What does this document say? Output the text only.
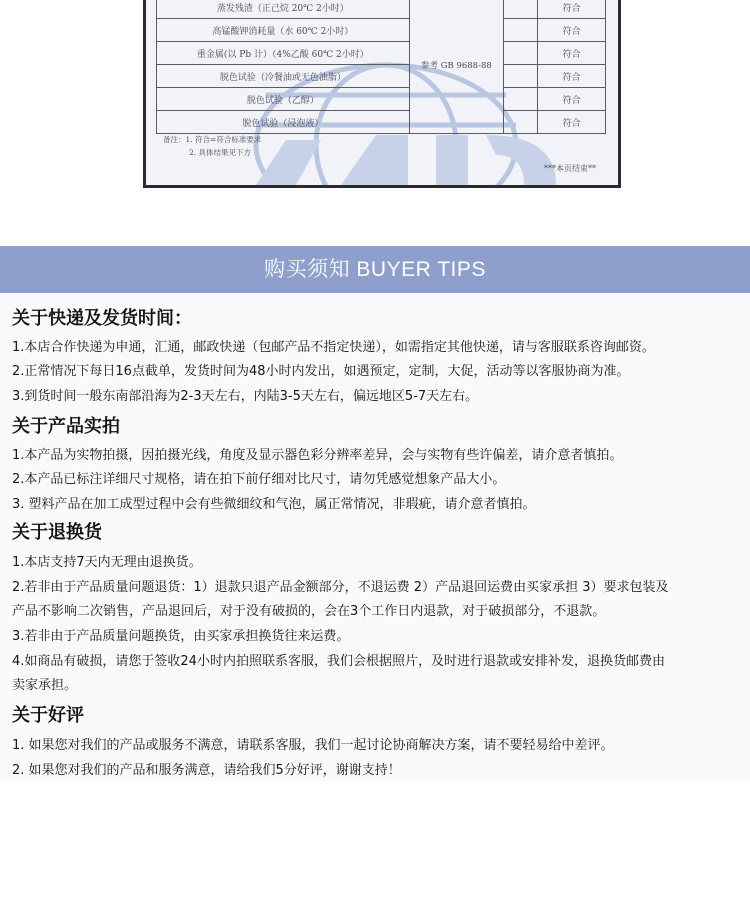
蒸发残渣（正己烷 20℃ 2小时）	参考 GB 9688-88		符合
高锰酸钾消耗量（水 60℃ 2小时）			符合
重金属(以 Pb 计）（4%乙酸 60℃ 2小时）			符合
脱色试验（冷餐油或无色油脂）			符合
脱色试验（乙醇）			符合
脱色试验（浸泡液）			符合
备注：1. 符合=符合标准要求
2. 具体结果见下方
***本页结束**
购买须知 BUYER TIPS
关于快递及发货时间：
1.本店合作快递为申通，汇通，邮政快递（包邮产品不指定快递），如需指定其他快递，请与客服联系咨询邮资。
2.正常情况下每日16点截单，发货时间为48小时内发出，如遇预定，定制，大促，活动等以客服协商为准。
3.到货时间一般东南部沿海为2-3天左右，内陆3-5天左右，偏远地区5-7天左右。
关于产品实拍
1.本产品为实物拍摄，因拍摄光线，角度及显示器色彩分辨率差异，会与实物有些许偏差，请介意者慎拍。
2.本产品已标注详细尺寸规格，请在拍下前仔细对比尺寸，请勿凭感觉想象产品大小。
3. 塑料产品在加工成型过程中会有些微细纹和气泡，属正常情况，非瑕疵，请介意者慎拍。
关于退换货
1.本店支持7天内无理由退换货。
2.若非由于产品质量问题退货：1）退款只退产品金额部分，不退运费 2）产品退回运费由买家承担 3）要求包装及
产品不影响二次销售，产品退回后，对于没有破损的，会在3个工作日内退款，对于破损部分，不退款。
3.若非由于产品质量问题换货，由买家承担换货往来运费。
4.如商品有破损，请您于签收24小时内拍照联系客服，我们会根据照片，及时进行退款或安排补发，退换货邮费由
卖家承担。
关于好评
1. 如果您对我们的产品或服务不满意，请联系客服，我们一起讨论协商解决方案，请不要轻易给中差评。
2. 如果您对我们的产品和服务满意，请给我们5分好评，谢谢支持！
